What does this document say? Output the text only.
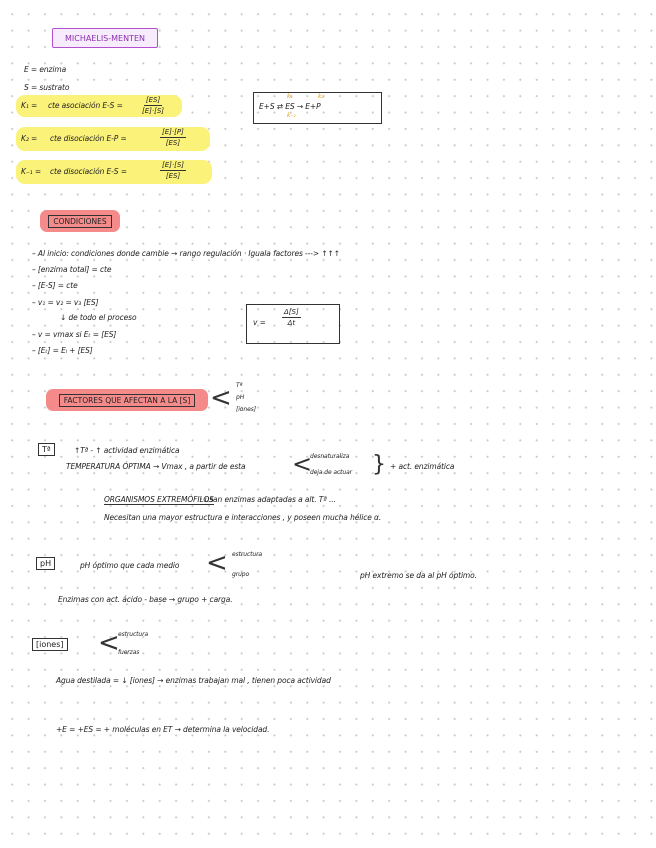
MICHAELIS-MENTEN
E = enzima
S = sustrato
K₁ = cte asociación E-S =	$\frac{[ES]}{[E]\cdot[S]}$
K₂ = cte disociación E-P =	$\frac{[E]\cdot[P]}{[ES]}$
K₋₁ = cte disociación E-S =	$\frac{[E]\cdot[S]}{[ES]}$
E+S ⇄ ES → E+P
k₁
k₋₁
k₂
CONDICIONES
– Al inicio: condiciones donde cambie → rango regulación · Iguala factores ---> ↑↑↑
– [enzima total] = cte
– [E-S] = cte
– v₁ = v₂ = v₃ [ES]
↓ de todo el proceso
– v = vmax si Eₜ = [ES]
– [Eₜ] = Eₗ + [ES]
$v = \frac{\Delta[S]}{\Delta t}$
FACTORES QUE AFECTAN A LA [S] < Tª
pH
[iones]
Tª	↑Tª - ↑ actividad enzimática
TEMPERATURA ÓPTIMA → Vmax , a partir de esta <
desnaturaliza
deja de actuar } + act. enzimática
ORGANISMOS EXTREMÓFILOS
· usan enzimas adaptadas a alt. Tª ...
Necesitan una mayor estructura e interacciones , y poseen mucha hélice α.
pH	pH óptimo que cada medio < estructura
grupo	pH extremo se da al pH óptimo.
Enzimas con act. ácido - base → grupo + carga.
[iones] <
estructura
fuerzas
Agua destilada = ↓ [iones] → enzimas trabajan mal , tienen poca actividad
+E = +ES = + moléculas en ET → determina la velocidad.
